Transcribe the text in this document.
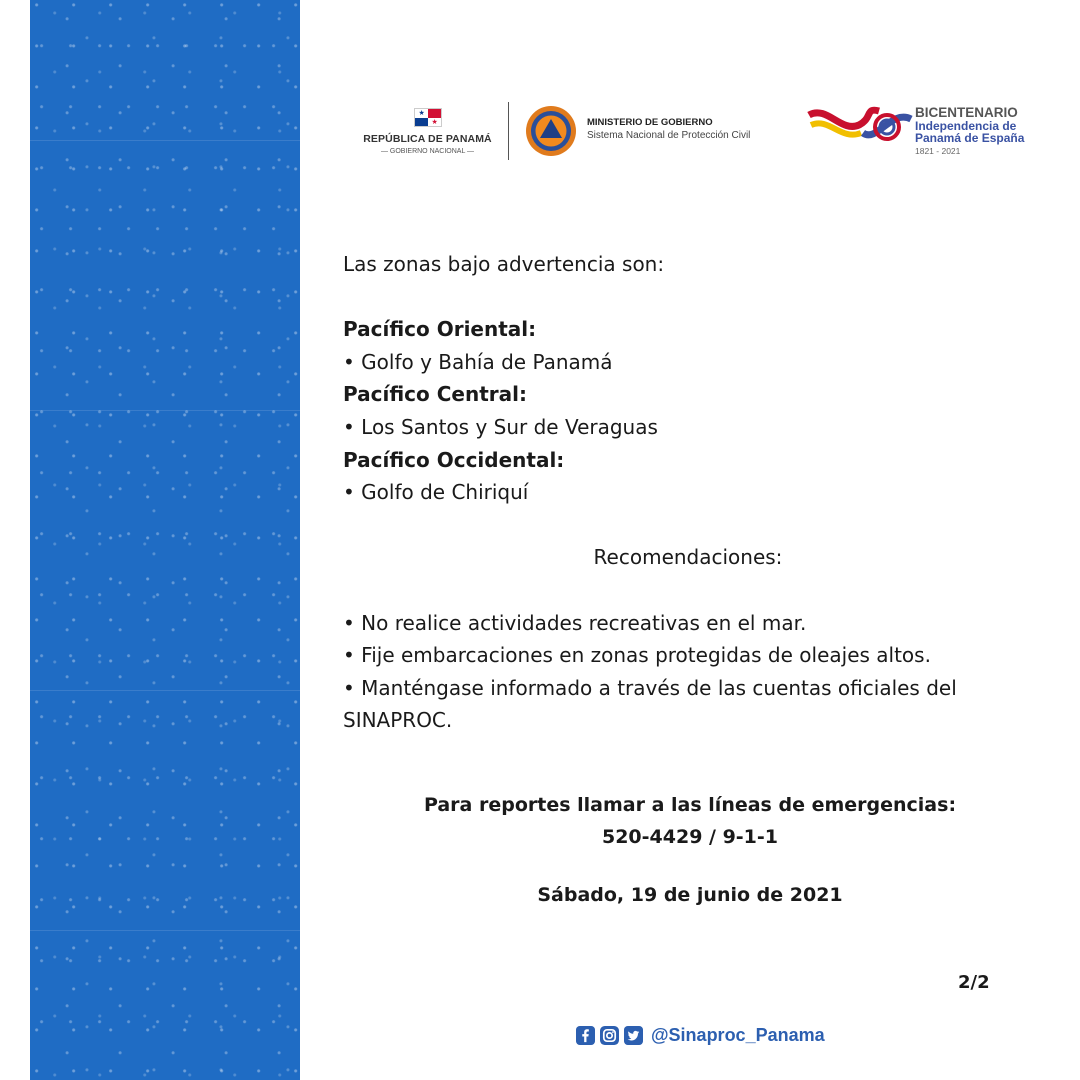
★
★
REPÚBLICA DE PANAMÁ
— GOBIERNO NACIONAL —
MINISTERIO DE GOBIERNO
Sistema Nacional de Protección Civil
BICENTENARIO
Independencia de
Panamá de España
1821 - 2021

Las zonas bajo advertencia son:

Pacífico Oriental:

• Golfo y Bahía de Panamá

Pacífico Central:

• Los Santos y Sur de Veraguas

Pacífico Occidental:

• Golfo de Chiriquí

Recomendaciones:

• No realice actividades recreativas en el mar.

• Fije embarcaciones en zonas protegidas de oleajes altos.

• Manténgase informado a través de las cuentas oficiales del

SINAPROC.

Para reportes llamar a las líneas de emergencias:
520-4429 / 9-1-1
Sábado, 19 de junio de 2021
2/2
@Sinaproc_Panama
